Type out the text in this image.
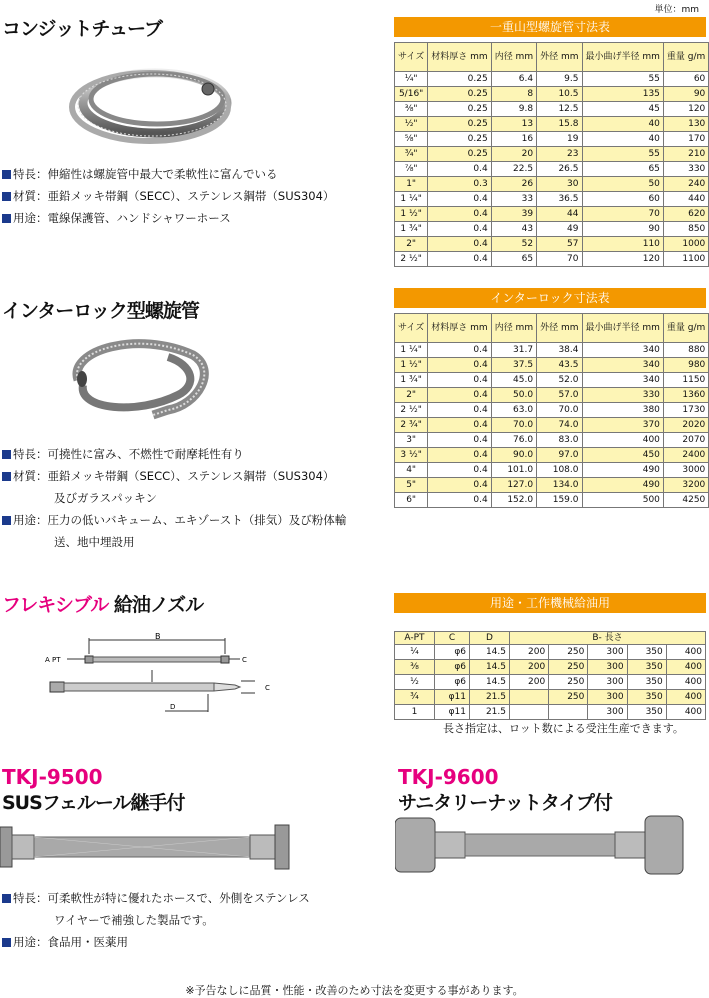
単位：mm
コンジットチューブ
特長：伸縮性は螺旋管中最大で柔軟性に富んでいる
材質：亜鉛メッキ帯鋼（SECC）、ステンレス鋼帯（SUS304）
用途：電線保護管、ハンドシャワーホース
一重山型螺旋管寸法表
サイズ	材料厚さ mm	内径 mm	外径 mm	最小曲げ半径 mm	重量 g/m
¼"	0.25	6.4	9.5	55	60
5/16"	0.25	8	10.5	135	90
⅜"	0.25	9.8	12.5	45	120
½"	0.25	13	15.8	40	130
⅝"	0.25	16	19	40	170
¾"	0.25	20	23	55	210
⅞"	0.4	22.5	26.5	65	330
1"	0.3	26	30	50	240
1 ¼"	0.4	33	36.5	60	440
1 ½"	0.4	39	44	70	620
1 ¾"	0.4	43	49	90	850
2"	0.4	52	57	110	1000
2 ½"	0.4	65	70	120	1100
インターロック型螺旋管
特長：可撓性に富み、不燃性で耐摩耗性有り
材質：亜鉛メッキ帯鋼（SECC）、ステンレス鋼帯（SUS304）
及びガラスパッキン
用途：圧力の低いバキューム、エキゾースト（排気）及び粉体輸
送、地中埋設用
インターロック寸法表
サイズ	材料厚さ mm	内径 mm	外径 mm	最小曲げ半径 mm	重量 g/m
1 ¼"	0.4	31.7	38.4	340	880
1 ½"	0.4	37.5	43.5	340	980
1 ¾"	0.4	45.0	52.0	340	1150
2"	0.4	50.0	57.0	330	1360
2 ½"	0.4	63.0	70.0	380	1730
2 ¾"	0.4	70.0	74.0	370	2020
3"	0.4	76.0	83.0	400	2070
3 ½"	0.4	90.0	97.0	450	2400
4"	0.4	101.0	108.0	490	3000
5"	0.4	127.0	134.0	490	3200
6"	0.4	152.0	159.0	500	4250
フレキシブル 給油ノズル
B
A PT	C
C
D
用途・工作機械給油用
A-PT	C	D	B- 長さ				
¼	φ6	14.5	200	250	300	350	400
⅜	φ6	14.5	200	250	300	350	400
½	φ6	14.5	200	250	300	350	400
¾	φ11	21.5		250	300	350	400
1	φ11	21.5			300	350	400
長さ指定は、ロット数による受注生産できます。
TKJ-9500
SUSフェルール継手付
TKJ-9600
サニタリーナットタイプ付
特長：可柔軟性が特に優れたホースで、外側をステンレス
ワイヤーで補強した製品です。
用途：食品用・医薬用
※予告なしに品質・性能・改善のため寸法を変更する事があります。
